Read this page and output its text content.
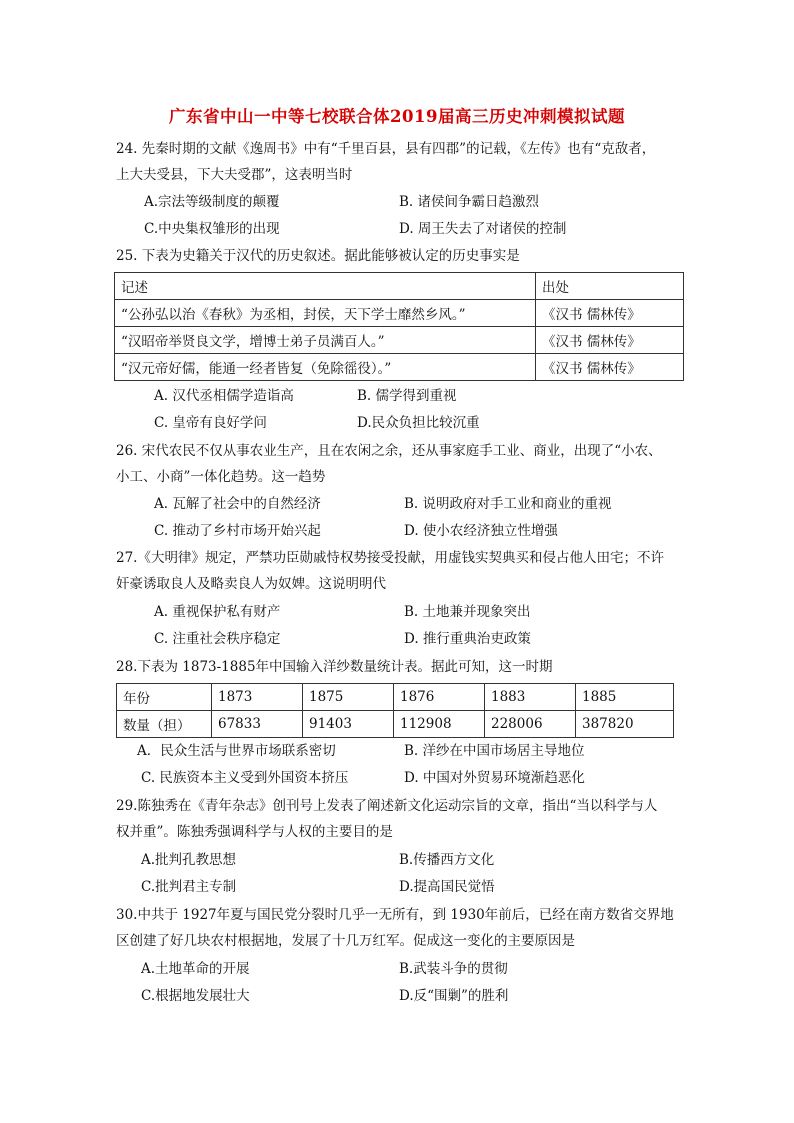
广东省中山一中等七校联合体2019届高三历史冲刺模拟试题
24. 先秦时期的文献《逸周书》中有“千里百县，县有四郡”的记载，《左传》也有“克敌者，
上大夫受县，下大夫受郡”，这表明当时
A.宗法等级制度的颠覆	B. 诸侯间争霸日趋激烈
C.中央集权雏形的出现	D. 周王失去了对诸侯的控制
25. 下表为史籍关于汉代的历史叙述。据此能够被认定的历史事实是
记述	出处
“公孙弘以治《春秋》为丞相，封侯，天下学士靡然乡风。”	《汉书 儒林传》
“汉昭帝举贤良文学，增博士弟子员满百人。”	《汉书 儒林传》
“汉元帝好儒，能通一经者皆复（免除徭役）。”	《汉书 儒林传》
A. 汉代丞相儒学造诣高	B. 儒学得到重视
C. 皇帝有良好学问	D.民众负担比较沉重
26. 宋代农民不仅从事农业生产，且在农闲之余，还从事家庭手工业、商业，出现了“小农、
小工、小商”一体化趋势。这一趋势
A. 瓦解了社会中的自然经济	B. 说明政府对手工业和商业的重视
C. 推动了乡村市场开始兴起	D. 使小农经济独立性增强
27.《大明律》规定，严禁功臣勋戚恃权势接受投献，用虚钱实契典买和侵占他人田宅；不许
奸豪诱取良人及略卖良人为奴婢。这说明明代
A. 重视保护私有财产	B. 土地兼并现象突出
C. 注重社会秩序稳定	D. 推行重典治吏政策
28.下表为 1873-1885年中国输入洋纱数量统计表。据此可知，这一时期
年份	1873	1875	1876	1883	1885
数量（担）	67833	91403	112908	228006	387820
A．民众生活与世界市场联系密切	B. 洋纱在中国市场居主导地位
C. 民族资本主义受到外国资本挤压	D. 中国对外贸易环境渐趋恶化
29.陈独秀在《青年杂志》创刊号上发表了阐述新文化运动宗旨的文章，指出“当以科学与人
权并重”。陈独秀强调科学与人权的主要目的是
A.批判孔教思想	B.传播西方文化
C.批判君主专制	D.提高国民觉悟
30.中共于 1927年夏与国民党分裂时几乎一无所有，到 1930年前后，已经在南方数省交界地
区创建了好几块农村根据地，发展了十几万红军。促成这一变化的主要原因是
A.土地革命的开展	B.武装斗争的贯彻
C.根据地发展壮大	D.反“围剿”的胜利
